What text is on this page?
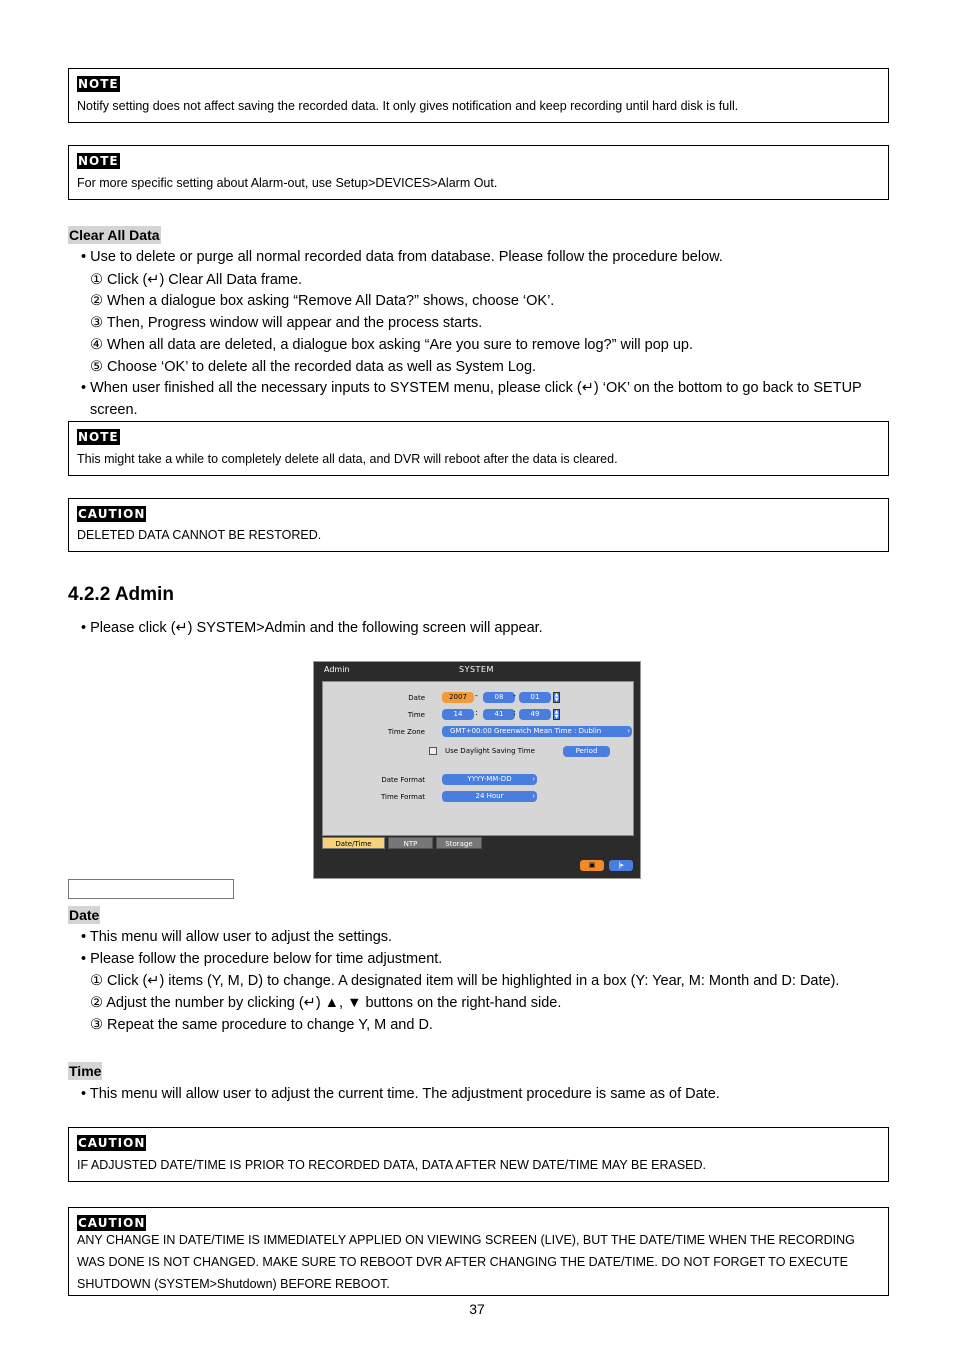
NOTE
Notify setting does not affect saving the recorded data. It only gives notification and keep recording until hard disk is full.
NOTE
For more specific setting about Alarm-out, use Setup>DEVICES>Alarm Out.
Clear All Data
• Use to delete or purge all normal recorded data from database. Please follow the procedure below.
① Click (↵) Clear All Data frame.
② When a dialogue box asking “Remove All Data?” shows, choose ‘OK’.
③ Then, Progress window will appear and the process starts.
④ When all data are deleted, a dialogue box asking “Are you sure to remove log?” will pop up.
⑤ Choose ‘OK’ to delete all the recorded data as well as System Log.
• When user finished all the necessary inputs to SYSTEM menu, please click (↵) ‘OK’ on the bottom to go back to SETUP
screen.
NOTE
This might take a while to completely delete all data, and DVR will reboot after the data is cleared.
CAUTION
DELETED DATA CANNOT BE RESTORED.
4.2.2 Admin
• Please click (↵) SYSTEM>Admin and the following screen will appear.
Admin	SYSTEM
Date	2007	-	08	-	01	▲
▼
Time	14	:	41	:	49	▲
▼
Time Zone	GMT+00:00 Greenwich Mean Time : Dublin	›
Use Daylight Saving Time	Period
Date Format	YYYY-MM-DD	›
Time Format	24 Hour	›
Date/Time	NTP	Storage
▣	|▸
Date
• This menu will allow user to adjust the settings.
• Please follow the procedure below for time adjustment.
① Click (↵) items (Y, M, D) to change. A designated item will be highlighted in a box (Y: Year, M: Month and D: Date).
② Adjust the number by clicking (↵) ▲, ▼ buttons on the right-hand side.
③ Repeat the same procedure to change Y, M and D.
Time
• This menu will allow user to adjust the current time. The adjustment procedure is same as of Date.
CAUTION
IF ADJUSTED DATE/TIME IS PRIOR TO RECORDED DATA, DATA AFTER NEW DATE/TIME MAY BE ERASED.
CAUTION
ANY CHANGE IN DATE/TIME IS IMMEDIATELY APPLIED ON VIEWING SCREEN (LIVE), BUT THE DATE/TIME WHEN THE RECORDING
WAS DONE IS NOT CHANGED. MAKE SURE TO REBOOT DVR AFTER CHANGING THE DATE/TIME. DO NOT FORGET TO EXECUTE
SHUTDOWN (SYSTEM>Shutdown) BEFORE REBOOT.
37
